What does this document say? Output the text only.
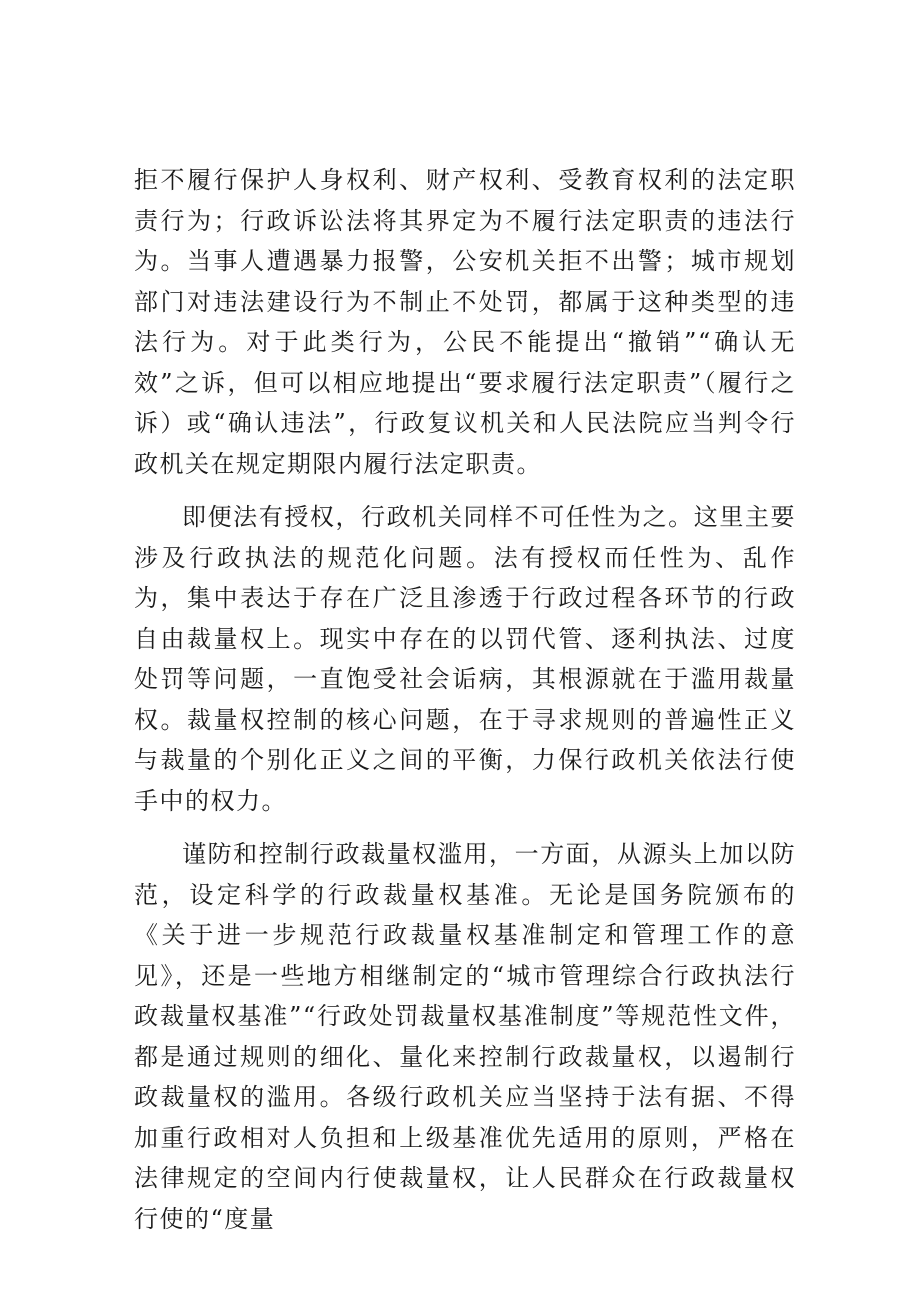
拒不履行保护人身权利、财产权利、受教育权利的法定职责行为；行政诉讼法将其界定为不履行法定职责的违法行为。当事人遭遇暴力报警，公安机关拒不出警；城市规划部门对违法建设行为不制止不处罚，都属于这种类型的违法行为。对于此类行为，公民不能提出“撤销”“确认无效”之诉，但可以相应地提出“要求履行法定职责”（履行之诉）或“确认违法”，行政复议机关和人民法院应当判令行政机关在规定期限内履行法定职责。

即便法有授权，行政机关同样不可任性为之。这里主要涉及行政执法的规范化问题。法有授权而任性为、乱作为，集中表达于存在广泛且渗透于行政过程各环节的行政自由裁量权上。现实中存在的以罚代管、逐利执法、过度处罚等问题，一直饱受社会诟病，其根源就在于滥用裁量权。裁量权控制的核心问题，在于寻求规则的普遍性正义与裁量的个别化正义之间的平衡，力保行政机关依法行使手中的权力。

谨防和控制行政裁量权滥用，一方面，从源头上加以防范，设定科学的行政裁量权基准。无论是国务院颁布的《关于进一步规范行政裁量权基准制定和管理工作的意见》，还是一些地方相继制定的“城市管理综合行政执法行政裁量权基准”“行政处罚裁量权基准制度”等规范性文件，都是通过规则的细化、量化来控制行政裁量权，以遏制行政裁量权的滥用。各级行政机关应当坚持于法有据、不得加重行政相对人负担和上级基准优先适用的原则，严格在法律规定的空间内行使裁量权，让人民群众在行政裁量权行使的“度量
